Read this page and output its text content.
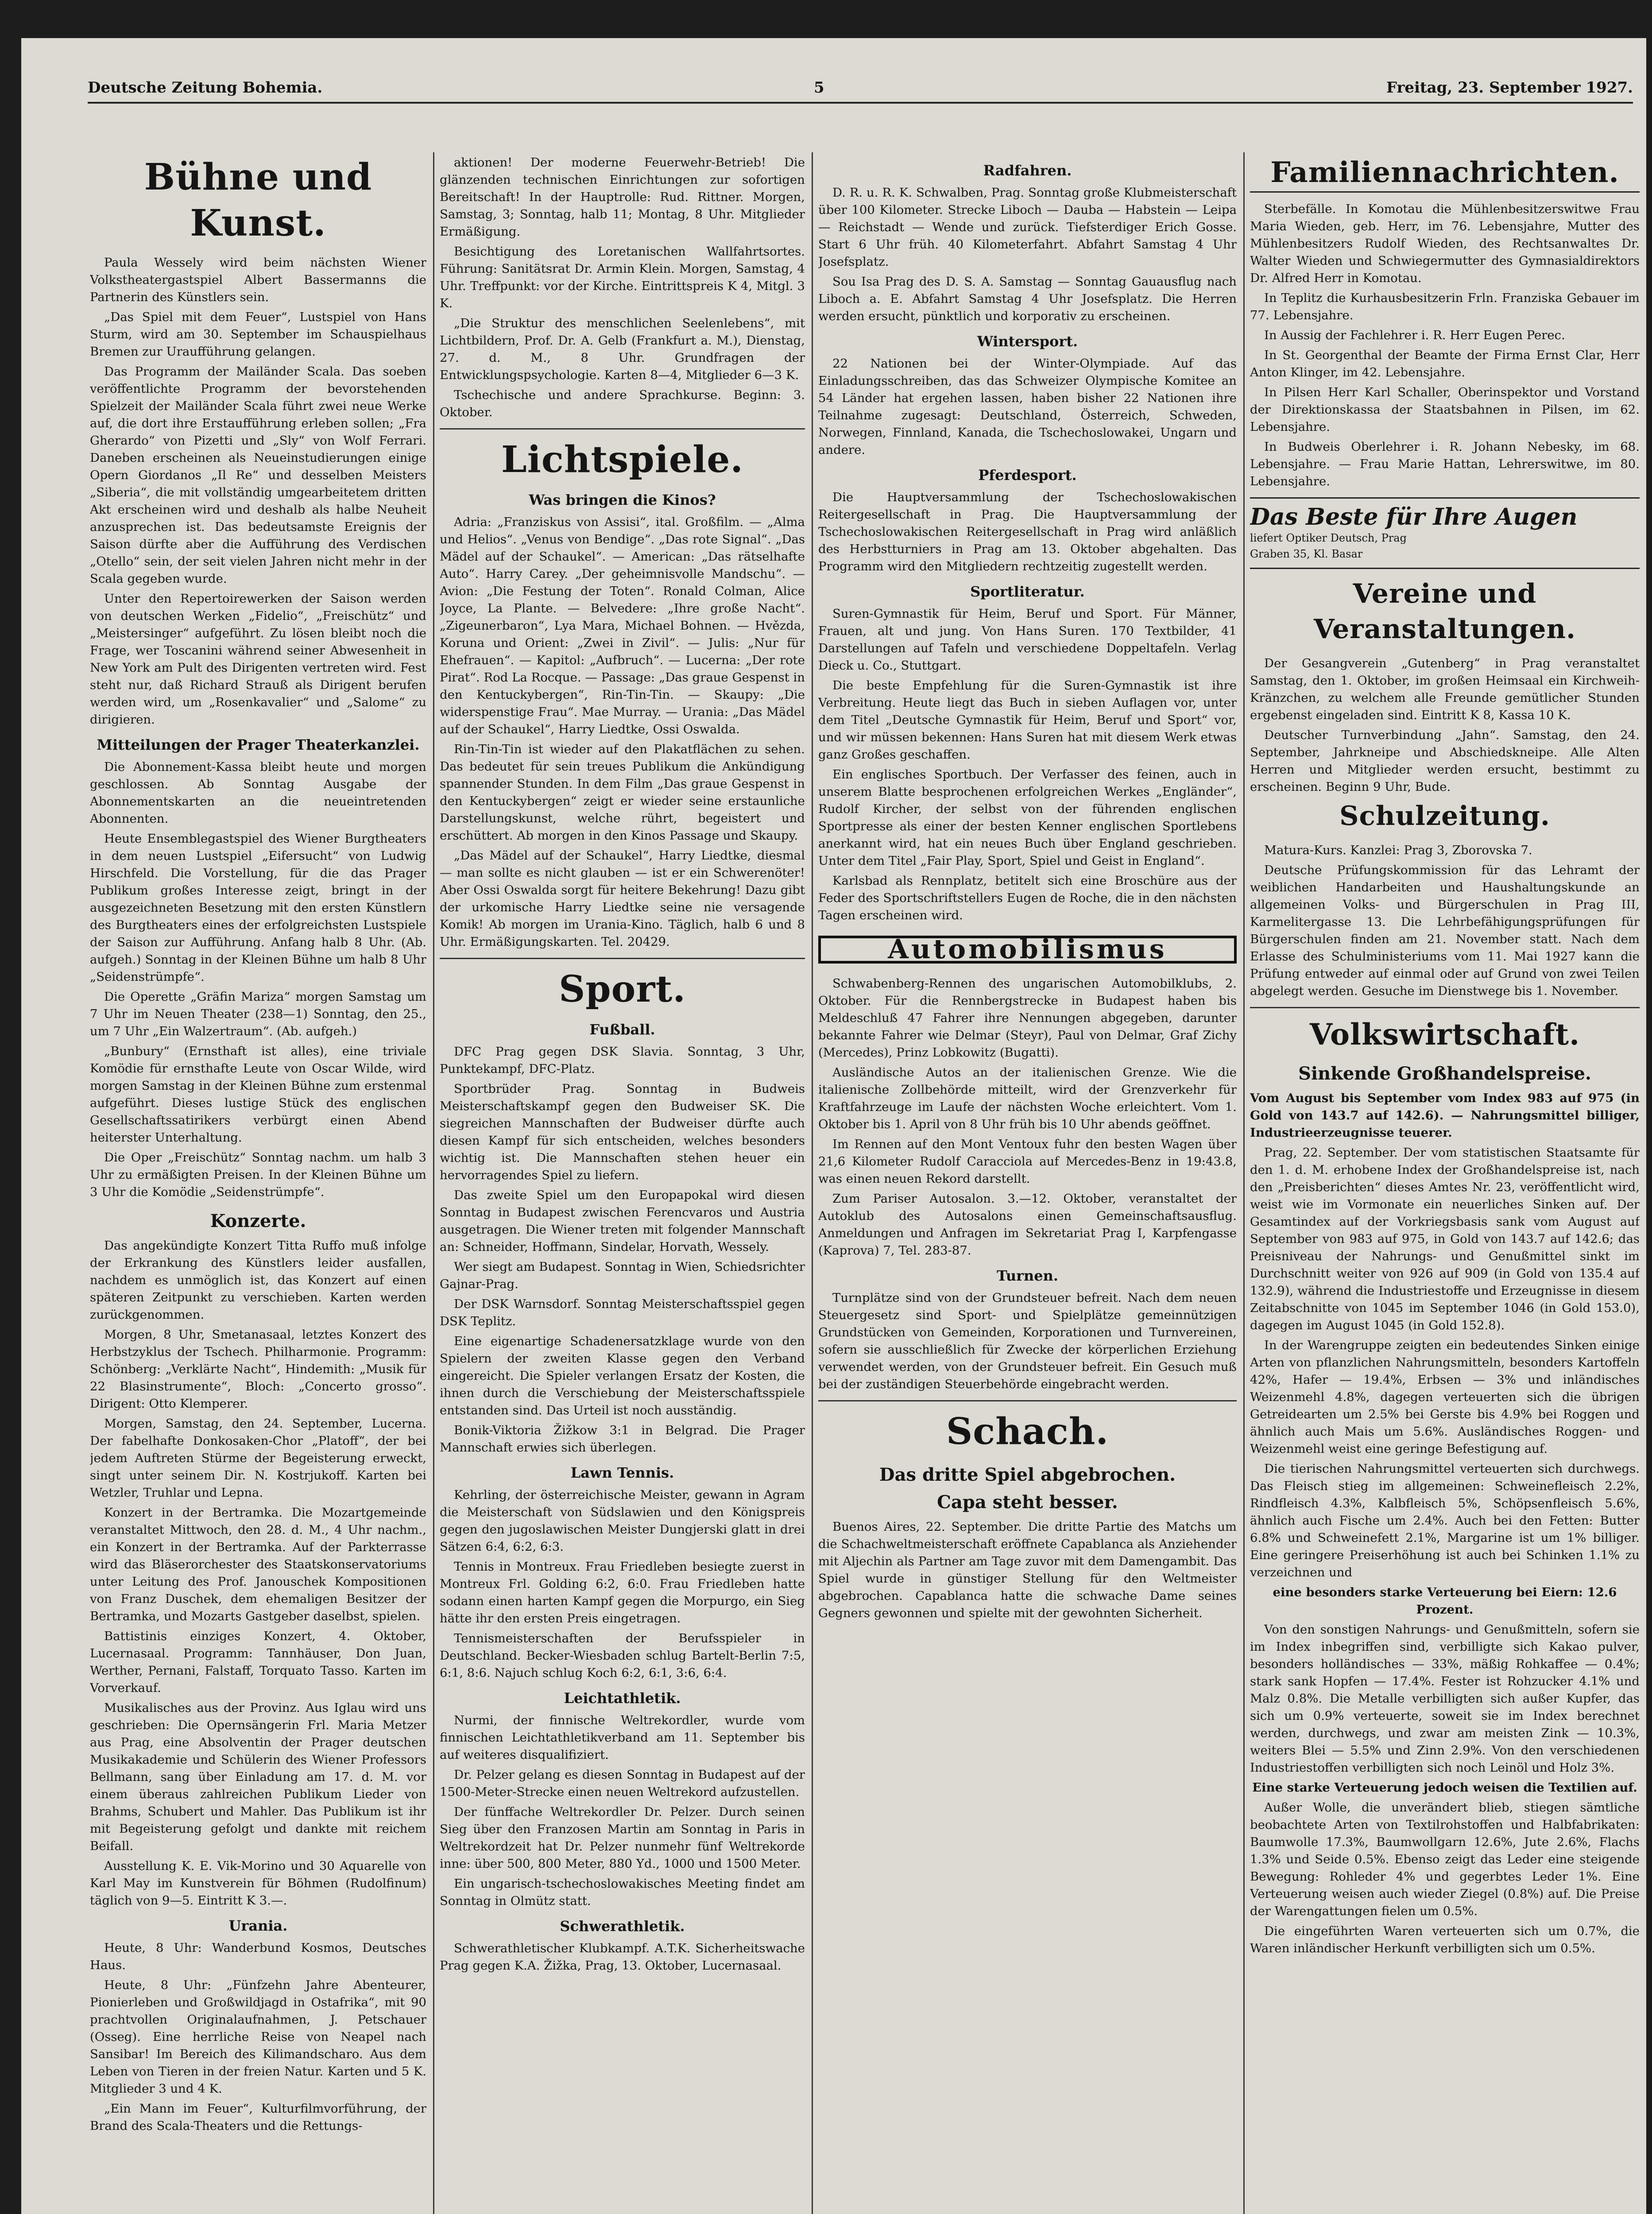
Deutsche Zeitung Bohemia.	5	Freitag, 23. September 1927.
Bühne und Kunst.

Paula Wessely wird beim nächsten Wiener Volkstheatergastspiel Albert Bassermanns die Partnerin des Künstlers sein.

„Das Spiel mit dem Feuer“, Lustspiel von Hans Sturm, wird am 30. September im Schauspielhaus Bremen zur Uraufführung gelangen.

Das Programm der Mailänder Scala. Das soeben veröffentlichte Programm der bevorstehenden Spielzeit der Mailänder Scala führt zwei neue Werke auf, die dort ihre Erstaufführung erleben sollen; „Fra Gherardo“ von Pizetti und „Sly“ von Wolf Ferrari. Daneben erscheinen als Neueinstudierungen einige Opern Giordanos „Il Re“ und desselben Meisters „Siberia“, die mit vollständig umgearbeitetem dritten Akt erscheinen wird und deshalb als halbe Neuheit anzusprechen ist. Das bedeutsamste Ereignis der Saison dürfte aber die Aufführung des Verdischen „Otello“ sein, der seit vielen Jahren nicht mehr in der Scala gegeben wurde.

Unter den Repertoirewerken der Saison werden von deutschen Werken „Fidelio“, „Freischütz“ und „Meistersinger“ aufgeführt. Zu lösen bleibt noch die Frage, wer Toscanini während seiner Abwesenheit in New York am Pult des Dirigenten vertreten wird. Fest steht nur, daß Richard Strauß als Dirigent berufen werden wird, um „Rosenkavalier“ und „Salome“ zu dirigieren.

Mitteilungen der Prager Theaterkanzlei.

Die Abonnement-Kassa bleibt heute und morgen geschlossen. Ab Sonntag Ausgabe der Abonnementskarten an die neueintretenden Abonnenten.

Heute Ensemblegastspiel des Wiener Burgtheaters in dem neuen Lustspiel „Eifersucht“ von Ludwig Hirschfeld. Die Vorstellung, für die das Prager Publikum großes Interesse zeigt, bringt in der ausgezeichneten Besetzung mit den ersten Künstlern des Burgtheaters eines der erfolgreichsten Lustspiele der Saison zur Aufführung. Anfang halb 8 Uhr. (Ab. aufgeh.) Sonntag in der Kleinen Bühne um halb 8 Uhr „Seidenstrümpfe“.

Die Operette „Gräfin Mariza“ morgen Samstag um 7 Uhr im Neuen Theater (238—1) Sonntag, den 25., um 7 Uhr „Ein Walzertraum“. (Ab. aufgeh.)

„Bunbury“ (Ernsthaft ist alles), eine triviale Komödie für ernsthafte Leute von Oscar Wilde, wird morgen Samstag in der Kleinen Bühne zum erstenmal aufgeführt. Dieses lustige Stück des englischen Gesellschaftssatirikers verbürgt einen Abend heiterster Unterhaltung.

Die Oper „Freischütz“ Sonntag nachm. um halb 3 Uhr zu ermäßigten Preisen. In der Kleinen Bühne um 3 Uhr die Komödie „Seidenstrümpfe“.

Konzerte.

Das angekündigte Konzert Titta Ruffo muß infolge der Erkrankung des Künstlers leider ausfallen, nachdem es unmöglich ist, das Konzert auf einen späteren Zeitpunkt zu verschieben. Karten werden zurückgenommen.

Morgen, 8 Uhr, Smetanasaal, letztes Konzert des Herbstzyklus der Tschech. Philharmonie. Programm: Schönberg: „Verklärte Nacht“, Hindemith: „Musik für 22 Blasinstrumente“, Bloch: „Concerto grosso“. Dirigent: Otto Klemperer.

Morgen, Samstag, den 24. September, Lucerna. Der fabelhafte Donkosaken-Chor „Platoff“, der bei jedem Auftreten Stürme der Begeisterung erweckt, singt unter seinem Dir. N. Kostrjukoff. Karten bei Wetzler, Truhlar und Lepna.

Konzert in der Bertramka. Die Mozartgemeinde veranstaltet Mittwoch, den 28. d. M., 4 Uhr nachm., ein Konzert in der Bertramka. Auf der Parkterrasse wird das Bläserorchester des Staatskonservatoriums unter Leitung des Prof. Janouschek Kompositionen von Franz Duschek, dem ehemaligen Besitzer der Bertramka, und Mozarts Gastgeber daselbst, spielen.

Battistinis einziges Konzert, 4. Oktober, Lucernasaal. Programm: Tannhäuser, Don Juan, Werther, Pernani, Falstaff, Torquato Tasso. Karten im Vorverkauf.

Musikalisches aus der Provinz. Aus Iglau wird uns geschrieben: Die Opernsängerin Frl. Maria Metzer aus Prag, eine Absolventin der Prager deutschen Musikakademie und Schülerin des Wiener Professors Bellmann, sang über Einladung am 17. d. M. vor einem überaus zahlreichen Publikum Lieder von Brahms, Schubert und Mahler. Das Publikum ist ihr mit Begeisterung gefolgt und dankte mit reichem Beifall.

Ausstellung K. E. Vik-Morino und 30 Aquarelle von Karl May im Kunstverein für Böhmen (Rudolfinum) täglich von 9—5. Eintritt K 3.—.

Urania.

Heute, 8 Uhr: Wanderbund Kosmos, Deutsches Haus.

Heute, 8 Uhr: „Fünfzehn Jahre Abenteurer, Pionierleben und Großwildjagd in Ostafrika“, mit 90 prachtvollen Originalaufnahmen, J. Petschauer (Osseg). Eine herrliche Reise von Neapel nach Sansibar! Im Bereich des Kilimandscharo. Aus dem Leben von Tieren in der freien Natur. Karten und 5 K. Mitglieder 3 und 4 K.

„Ein Mann im Feuer“, Kulturfilmvorführung, der Brand des Scala-Theaters und die Rettungs-

aktionen! Der moderne Feuerwehr-Betrieb! Die glänzenden technischen Einrichtungen zur sofortigen Bereitschaft! In der Hauptrolle: Rud. Rittner. Morgen, Samstag, 3; Sonntag, halb 11; Montag, 8 Uhr. Mitglieder Ermäßigung.

Besichtigung des Loretanischen Wallfahrtsortes. Führung: Sanitätsrat Dr. Armin Klein. Morgen, Samstag, 4 Uhr. Treffpunkt: vor der Kirche. Eintrittspreis K 4, Mitgl. 3 K.

„Die Struktur des menschlichen Seelenlebens“, mit Lichtbildern, Prof. Dr. A. Gelb (Frankfurt a. M.), Dienstag, 27. d. M., 8 Uhr. Grundfragen der Entwicklungspsychologie. Karten 8—4, Mitglieder 6—3 K.

Tschechische und andere Sprachkurse. Beginn: 3. Oktober.

Lichtspiele.
Was bringen die Kinos?

Adria: „Franziskus von Assisi“, ital. Großfilm. — „Alma und Helios“. „Venus von Bendige“. „Das rote Signal“. „Das Mädel auf der Schaukel“. — American: „Das rätselhafte Auto“. Harry Carey. „Der geheimnisvolle Mandschu“. — Avion: „Die Festung der Toten“. Ronald Colman, Alice Joyce, La Plante. — Belvedere: „Ihre große Nacht“. „Zigeunerbaron“, Lya Mara, Michael Bohnen. — Hvězda, Koruna und Orient: „Zwei in Zivil“. — Julis: „Nur für Ehefrauen“. — Kapitol: „Aufbruch“. — Lucerna: „Der rote Pirat“. Rod La Rocque. — Passage: „Das graue Gespenst in den Kentuckybergen“, Rin-Tin-Tin. — Skaupy: „Die widerspenstige Frau“. Mae Murray. — Urania: „Das Mädel auf der Schaukel“, Harry Liedtke, Ossi Oswalda.

Rin-Tin-Tin ist wieder auf den Plakatflächen zu sehen. Das bedeutet für sein treues Publikum die Ankündigung spannender Stunden. In dem Film „Das graue Gespenst in den Kentuckybergen“ zeigt er wieder seine erstaunliche Darstellungskunst, welche rührt, begeistert und erschüttert. Ab morgen in den Kinos Passage und Skaupy.

„Das Mädel auf der Schaukel“, Harry Liedtke, diesmal — man sollte es nicht glauben — ist er ein Schwerenöter! Aber Ossi Oswalda sorgt für heitere Bekehrung! Dazu gibt der urkomische Harry Liedtke seine nie versagende Komik! Ab morgen im Urania-Kino. Täglich, halb 6 und 8 Uhr. Ermäßigungskarten. Tel. 20429.

Sport.
Fußball.

DFC Prag gegen DSK Slavia. Sonntag, 3 Uhr, Punktekampf, DFC-Platz.

Sportbrüder Prag. Sonntag in Budweis Meisterschaftskampf gegen den Budweiser SK. Die siegreichen Mannschaften der Budweiser dürfte auch diesen Kampf für sich entscheiden, welches besonders wichtig ist. Die Mannschaften stehen heuer ein hervorragendes Spiel zu liefern.

Das zweite Spiel um den Europapokal wird diesen Sonntag in Budapest zwischen Ferencvaros und Austria ausgetragen. Die Wiener treten mit folgender Mannschaft an: Schneider, Hoffmann, Sindelar, Horvath, Wessely.

Wer siegt am Budapest. Sonntag in Wien, Schiedsrichter Gajnar-Prag.

Der DSK Warnsdorf. Sonntag Meisterschaftsspiel gegen DSK Teplitz.

Eine eigenartige Schadenersatzklage wurde von den Spielern der zweiten Klasse gegen den Verband eingereicht. Die Spieler verlangen Ersatz der Kosten, die ihnen durch die Verschiebung der Meisterschaftsspiele entstanden sind. Das Urteil ist noch ausständig.

Bonik-Viktoria Žižkow 3:1 in Belgrad. Die Prager Mannschaft erwies sich überlegen.

Lawn Tennis.

Kehrling, der österreichische Meister, gewann in Agram die Meisterschaft von Südslawien und den Königspreis gegen den jugoslawischen Meister Dungjerski glatt in drei Sätzen 6:4, 6:2, 6:3.

Tennis in Montreux. Frau Friedleben besiegte zuerst in Montreux Frl. Golding 6:2, 6:0. Frau Friedleben hatte sodann einen harten Kampf gegen die Morpurgo, ein Sieg hätte ihr den ersten Preis eingetragen.

Tennismeisterschaften der Berufsspieler in Deutschland. Becker-Wiesbaden schlug Bartelt-Berlin 7:5, 6:1, 8:6. Najuch schlug Koch 6:2, 6:1, 3:6, 6:4.

Leichtathletik.

Nurmi, der finnische Weltrekordler, wurde vom finnischen Leichtathletikverband am 11. September bis auf weiteres disqualifiziert.

Dr. Pelzer gelang es diesen Sonntag in Budapest auf der 1500-Meter-Strecke einen neuen Weltrekord aufzustellen.

Der fünffache Weltrekordler Dr. Pelzer. Durch seinen Sieg über den Franzosen Martin am Sonntag in Paris in Weltrekordzeit hat Dr. Pelzer nunmehr fünf Weltrekorde inne: über 500, 800 Meter, 880 Yd., 1000 und 1500 Meter.

Ein ungarisch-tschechoslowakisches Meeting findet am Sonntag in Olmütz statt.

Schwerathletik.

Schwerathletischer Klubkampf. A.T.K. Sicherheitswache Prag gegen K.A. Žižka, Prag, 13. Oktober, Lucernasaal.

Radfahren.

D. R. u. R. K. Schwalben, Prag. Sonntag große Klubmeisterschaft über 100 Kilometer. Strecke Liboch — Dauba — Habstein — Leipa — Reichstadt — Wende und zurück. Tiefsterdiger Erich Gosse. Start 6 Uhr früh. 40 Kilometerfahrt. Abfahrt Samstag 4 Uhr Josefsplatz.

Sou Isa Prag des D. S. A. Samstag — Sonntag Gauausflug nach Liboch a. E. Abfahrt Samstag 4 Uhr Josefsplatz. Die Herren werden ersucht, pünktlich und korporativ zu erscheinen.

Wintersport.

22 Nationen bei der Winter-Olympiade. Auf das Einladungsschreiben, das das Schweizer Olympische Komitee an 54 Länder hat ergehen lassen, haben bisher 22 Nationen ihre Teilnahme zugesagt: Deutschland, Österreich, Schweden, Norwegen, Finnland, Kanada, die Tschechoslowakei, Ungarn und andere.

Pferdesport.

Die Hauptversammlung der Tschechoslowakischen Reitergesellschaft in Prag. Die Hauptversammlung der Tschechoslowakischen Reitergesellschaft in Prag wird anläßlich des Herbstturniers in Prag am 13. Oktober abgehalten. Das Programm wird den Mitgliedern rechtzeitig zugestellt werden.

Sportliteratur.

Suren-Gymnastik für Heim, Beruf und Sport. Für Männer, Frauen, alt und jung. Von Hans Suren. 170 Textbilder, 41 Darstellungen auf Tafeln und verschiedene Doppeltafeln. Verlag Dieck u. Co., Stuttgart.

Die beste Empfehlung für die Suren-Gymnastik ist ihre Verbreitung. Heute liegt das Buch in sieben Auflagen vor, unter dem Titel „Deutsche Gymnastik für Heim, Beruf und Sport“ vor, und wir müssen bekennen: Hans Suren hat mit diesem Werk etwas ganz Großes geschaffen.

Ein englisches Sportbuch. Der Verfasser des feinen, auch in unserem Blatte besprochenen erfolgreichen Werkes „Engländer“, Rudolf Kircher, der selbst von der führenden englischen Sportpresse als einer der besten Kenner englischen Sportlebens anerkannt wird, hat ein neues Buch über England geschrieben. Unter dem Titel „Fair Play, Sport, Spiel und Geist in England“.

Karlsbad als Rennplatz, betitelt sich eine Broschüre aus der Feder des Sportschriftstellers Eugen de Roche, die in den nächsten Tagen erscheinen wird.

Automobilismus

Schwabenberg-Rennen des ungarischen Automobilklubs, 2. Oktober. Für die Rennbergstrecke in Budapest haben bis Meldeschluß 47 Fahrer ihre Nennungen abgegeben, darunter bekannte Fahrer wie Delmar (Steyr), Paul von Delmar, Graf Zichy (Mercedes), Prinz Lobkowitz (Bugatti).

Ausländische Autos an der italienischen Grenze. Wie die italienische Zollbehörde mitteilt, wird der Grenzverkehr für Kraftfahrzeuge im Laufe der nächsten Woche erleichtert. Vom 1. Oktober bis 1. April von 8 Uhr früh bis 10 Uhr abends geöffnet.

Im Rennen auf den Mont Ventoux fuhr den besten Wagen über 21,6 Kilometer Rudolf Caracciola auf Mercedes-Benz in 19:43.8, was einen neuen Rekord darstellt.

Zum Pariser Autosalon. 3.—12. Oktober, veranstaltet der Autoklub des Autosalons einen Gemeinschaftsausflug. Anmeldungen und Anfragen im Sekretariat Prag I, Karpfengasse (Kaprova) 7, Tel. 283-87.

Turnen.

Turnplätze sind von der Grundsteuer befreit. Nach dem neuen Steuergesetz sind Sport- und Spielplätze gemeinnützigen Grundstücken von Gemeinden, Korporationen und Turnvereinen, sofern sie ausschließlich für Zwecke der körperlichen Erziehung verwendet werden, von der Grundsteuer befreit. Ein Gesuch muß bei der zuständigen Steuerbehörde eingebracht werden.

Schach.
Das dritte Spiel abgebrochen.
Capa steht besser.

Buenos Aires, 22. September. Die dritte Partie des Matchs um die Schachweltmeisterschaft eröffnete Capablanca als Anziehender mit Aljechin als Partner am Tage zuvor mit dem Damengambit. Das Spiel wurde in günstiger Stellung für den Weltmeister abgebrochen. Capablanca hatte die schwache Dame seines Gegners gewonnen und spielte mit der gewohnten Sicherheit.

Familiennachrichten.

Sterbefälle. In Komotau die Mühlenbesitzerswitwe Frau Maria Wieden, geb. Herr, im 76. Lebensjahre, Mutter des Mühlenbesitzers Rudolf Wieden, des Rechtsanwaltes Dr. Walter Wieden und Schwiegermutter des Gymnasialdirektors Dr. Alfred Herr in Komotau.

In Teplitz die Kurhausbesitzerin Frln. Franziska Gebauer im 77. Lebensjahre.

In Aussig der Fachlehrer i. R. Herr Eugen Perec.

In St. Georgenthal der Beamte der Firma Ernst Clar, Herr Anton Klinger, im 42. Lebensjahre.

In Pilsen Herr Karl Schaller, Oberinspektor und Vorstand der Direktionskassa der Staatsbahnen in Pilsen, im 62. Lebensjahre.

In Budweis Oberlehrer i. R. Johann Nebesky, im 68. Lebensjahre. — Frau Marie Hattan, Lehrerswitwe, im 80. Lebensjahre.

Das Beste für Ihre Augen

liefert Optiker Deutsch, Prag

Graben 35, Kl. Basar

Vereine und Veranstaltungen.

Der Gesangverein „Gutenberg“ in Prag veranstaltet Samstag, den 1. Oktober, im großen Heimsaal ein Kirchweih-Kränzchen, zu welchem alle Freunde gemütlicher Stunden ergebenst eingeladen sind. Eintritt K 8, Kassa 10 K.

Deutscher Turnverbindung „Jahn“. Samstag, den 24. September, Jahrkneipe und Abschiedskneipe. Alle Alten Herren und Mitglieder werden ersucht, bestimmt zu erscheinen. Beginn 9 Uhr, Bude.

Schulzeitung.

Matura-Kurs. Kanzlei: Prag 3, Zborovska 7.

Deutsche Prüfungskommission für das Lehramt der weiblichen Handarbeiten und Haushaltungskunde an allgemeinen Volks- und Bürgerschulen in Prag III, Karmelitergasse 13. Die Lehrbefähigungsprüfungen für Bürgerschulen finden am 21. November statt. Nach dem Erlasse des Schulministeriums vom 11. Mai 1927 kann die Prüfung entweder auf einmal oder auf Grund von zwei Teilen abgelegt werden. Gesuche im Dienstwege bis 1. November.

Volkswirtschaft.
Sinkende Großhandelspreise.

Vom August bis September vom Index 983 auf 975 (in Gold von 143.7 auf 142.6). — Nahrungsmittel billiger, Industrieerzeugnisse teuerer.

Prag, 22. September. Der vom statistischen Staatsamte für den 1. d. M. erhobene Index der Großhandelspreise ist, nach den „Preisberichten“ dieses Amtes Nr. 23, veröffentlicht wird, weist wie im Vormonate ein neuerliches Sinken auf. Der Gesamtindex auf der Vorkriegsbasis sank vom August auf September von 983 auf 975, in Gold von 143.7 auf 142.6; das Preisniveau der Nahrungs- und Genußmittel sinkt im Durchschnitt weiter von 926 auf 909 (in Gold von 135.4 auf 132.9), während die Industriestoffe und Erzeugnisse in diesem Zeitabschnitte von 1045 im September 1046 (in Gold 153.0), dagegen im August 1045 (in Gold 152.8).

In der Warengruppe zeigten ein bedeutendes Sinken einige Arten von pflanzlichen Nahrungsmitteln, besonders Kartoffeln 42%, Hafer — 19.4%, Erbsen — 3% und inländisches Weizenmehl 4.8%, dagegen verteuerten sich die übrigen Getreidearten um 2.5% bei Gerste bis 4.9% bei Roggen und ähnlich auch Mais um 5.6%. Ausländisches Roggen- und Weizenmehl weist eine geringe Befestigung auf.

Die tierischen Nahrungsmittel verteuerten sich durchwegs. Das Fleisch stieg im allgemeinen: Schweinefleisch 2.2%, Rindfleisch 4.3%, Kalbfleisch 5%, Schöpsenfleisch 5.6%, ähnlich auch Fische um 2.4%. Auch bei den Fetten: Butter 6.8% und Schweinefett 2.1%, Margarine ist um 1% billiger. Eine geringere Preiserhöhung ist auch bei Schinken 1.1% zu verzeichnen und

eine besonders starke Verteuerung bei Eiern: 12.6 Prozent.

Von den sonstigen Nahrungs- und Genußmitteln, sofern sie im Index inbegriffen sind, verbilligte sich Kakao pulver, besonders holländisches — 33%, mäßig Rohkaffee — 0.4%; stark sank Hopfen — 17.4%. Fester ist Rohzucker 4.1% und Malz 0.8%. Die Metalle verbilligten sich außer Kupfer, das sich um 0.9% verteuerte, soweit sie im Index berechnet werden, durchwegs, und zwar am meisten Zink — 10.3%, weiters Blei — 5.5% und Zinn 2.9%. Von den verschiedenen Industriestoffen verbilligten sich noch Leinöl und Holz 3%.

Eine starke Verteuerung jedoch weisen die Textilien auf.

Außer Wolle, die unverändert blieb, stiegen sämtliche beobachtete Arten von Textilrohstoffen und Halbfabrikaten: Baumwolle 17.3%, Baumwollgarn 12.6%, Jute 2.6%, Flachs 1.3% und Seide 0.5%. Ebenso zeigt das Leder eine steigende Bewegung: Rohleder 4% und gegerbtes Leder 1%. Eine Verteuerung weisen auch wieder Ziegel (0.8%) auf. Die Preise der Warengattungen fielen um 0.5%.

Die eingeführten Waren verteuerten sich um 0.7%, die Waren inländischer Herkunft verbilligten sich um 0.5%.
